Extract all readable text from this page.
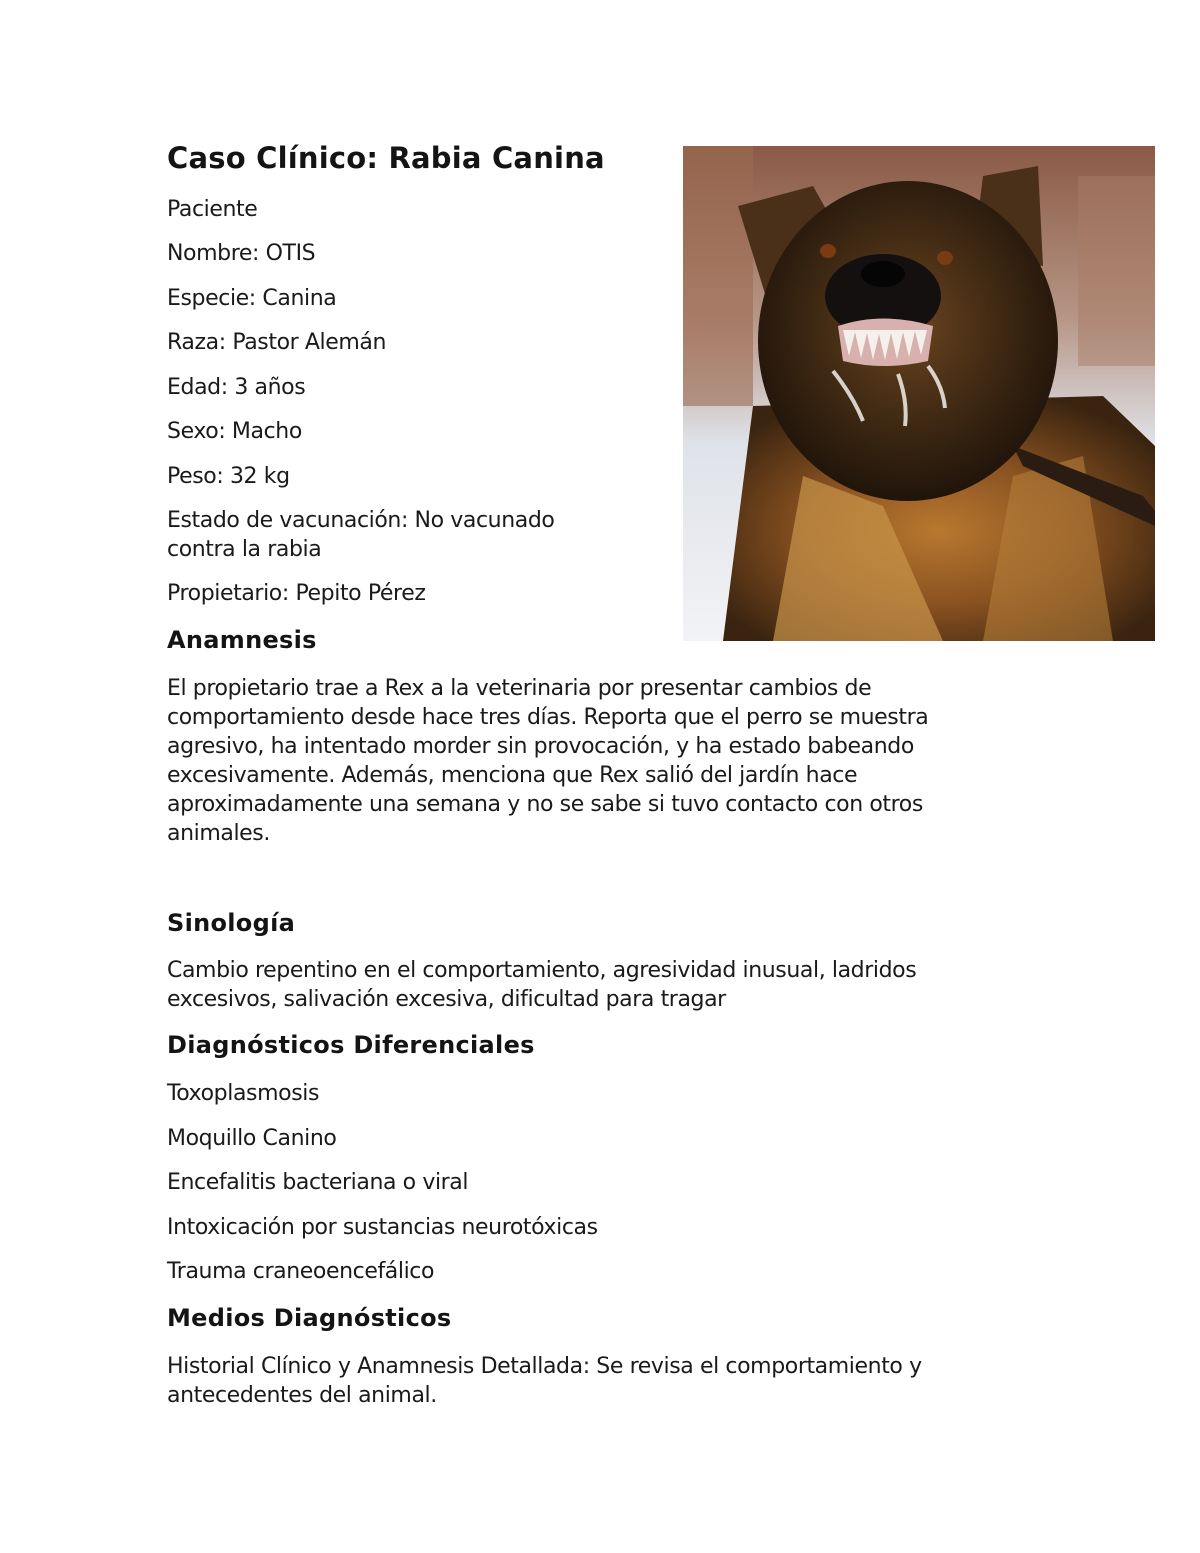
Caso Clínico: Rabia Canina

Paciente

Nombre: OTIS

Especie: Canina

Raza: Pastor Alemán

Edad: 3 años

Sexo: Macho

Peso: 32 kg

Estado de vacunación: No vacunado

contra la rabia

Propietario: Pepito Pérez

Anamnesis

El propietario trae a Rex a la veterinaria por presentar cambios de comportamiento desde hace tres días. Reporta que el perro se muestra agresivo, ha intentado morder sin provocación, y ha estado babeando excesivamente. Además, menciona que Rex salió del jardín hace aproximadamente una semana y no se sabe si tuvo contacto con otros animales.

Sinología

Cambio repentino en el comportamiento, agresividad inusual, ladridos excesivos, salivación excesiva, dificultad para tragar

Diagnósticos Diferenciales

Toxoplasmosis

Moquillo Canino

Encefalitis bacteriana o viral

Intoxicación por sustancias neurotóxicas

Trauma craneoencefálico

Medios Diagnósticos

Historial Clínico y Anamnesis Detallada: Se revisa el comportamiento y antecedentes del animal.
